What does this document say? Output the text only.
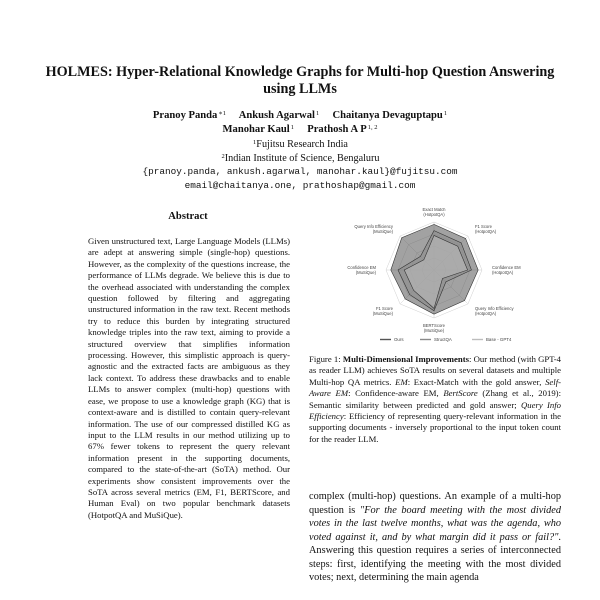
HOLMES: Hyper-Relational Knowledge Graphs for Multi-hop Question Answering using LLMs
Pranoy Panda$^{∗1}$ Ankush Agarwal$^1$ Chaitanya Devaguptapu$^1$
Manohar Kaul$^1$ Prathosh A P$^{1, 2}$
$^1$Fujitsu Research India
$^2$Indian Institute of Science, Bengaluru
{pranoy.panda, ankush.agarwal, manohar.kaul}@fujitsu.com
email@chaitanya.one, prathoshap@gmail.com
Abstract
Given unstructured text, Large Language Models (LLMs) are adept at answering simple (single-hop) questions. However, as the complexity of the questions increase, the performance of LLMs degrade. We believe this is due to the overhead associated with understanding the complex question followed by filtering and aggregating unstructured information in the raw text. Recent methods try to reduce this burden by integrating structured knowledge triples into the raw text, aiming to provide a structured overview that simplifies information processing. However, this simplistic approach is query-agnostic and the extracted facts are ambiguous as they lack context. To address these drawbacks and to enable LLMs to answer complex (multi-hop) questions with ease, we propose to use a knowledge graph (KG) that is context-aware and is distilled to contain query-relevant information. The use of our compressed distilled KG as input to the LLM results in our method utilizing up to 67% fewer tokens to represent the query relevant information present in the supporting documents, compared to the state-of-the-art (SoTA) method. Our experiments show consistent improvements over the SoTA across several metrics (EM, F1, BERTScore, and Human Eval) on two popular benchmark datasets (HotpotQA and MuSiQue).
Exact Match (HotpotQA)
F1 Score (HotpotQA)
Confidence EM (HotpotQA)
Query Info Efficiency (HotpotQA)
BERTScore (MuSiQue)
F1 Score (MuSiQue)
Confidence EM (MuSiQue)
Query Info Efficiency (MuSiQue)
Ours	StructQA	Base - GPT4
Figure 1: Multi-Dimensional Improvements: Our method (with GPT-4 as reader LLM) achieves SoTA results on several datasets and multiple Multi-hop QA metrics. EM: Exact-Match with the gold answer, Self-Aware EM: Confidence-aware EM, BertScore (Zhang et al., 2019): Semantic similarity between predicted and gold answer; Query Info Efficiency: Efficiency of representing query-relevant information in the supporting documents - inversely proportional to the input token count for the reader LLM.
complex (multi-hop) questions. An example of a multi-hop question is "For the board meeting with the most divided votes in the last twelve months, what was the agenda, who voted against it, and by what margin did it pass or fail?". Answering this question requires a series of interconnected steps: first, identifying the meeting with the most divided votes; next, determining the main agenda
